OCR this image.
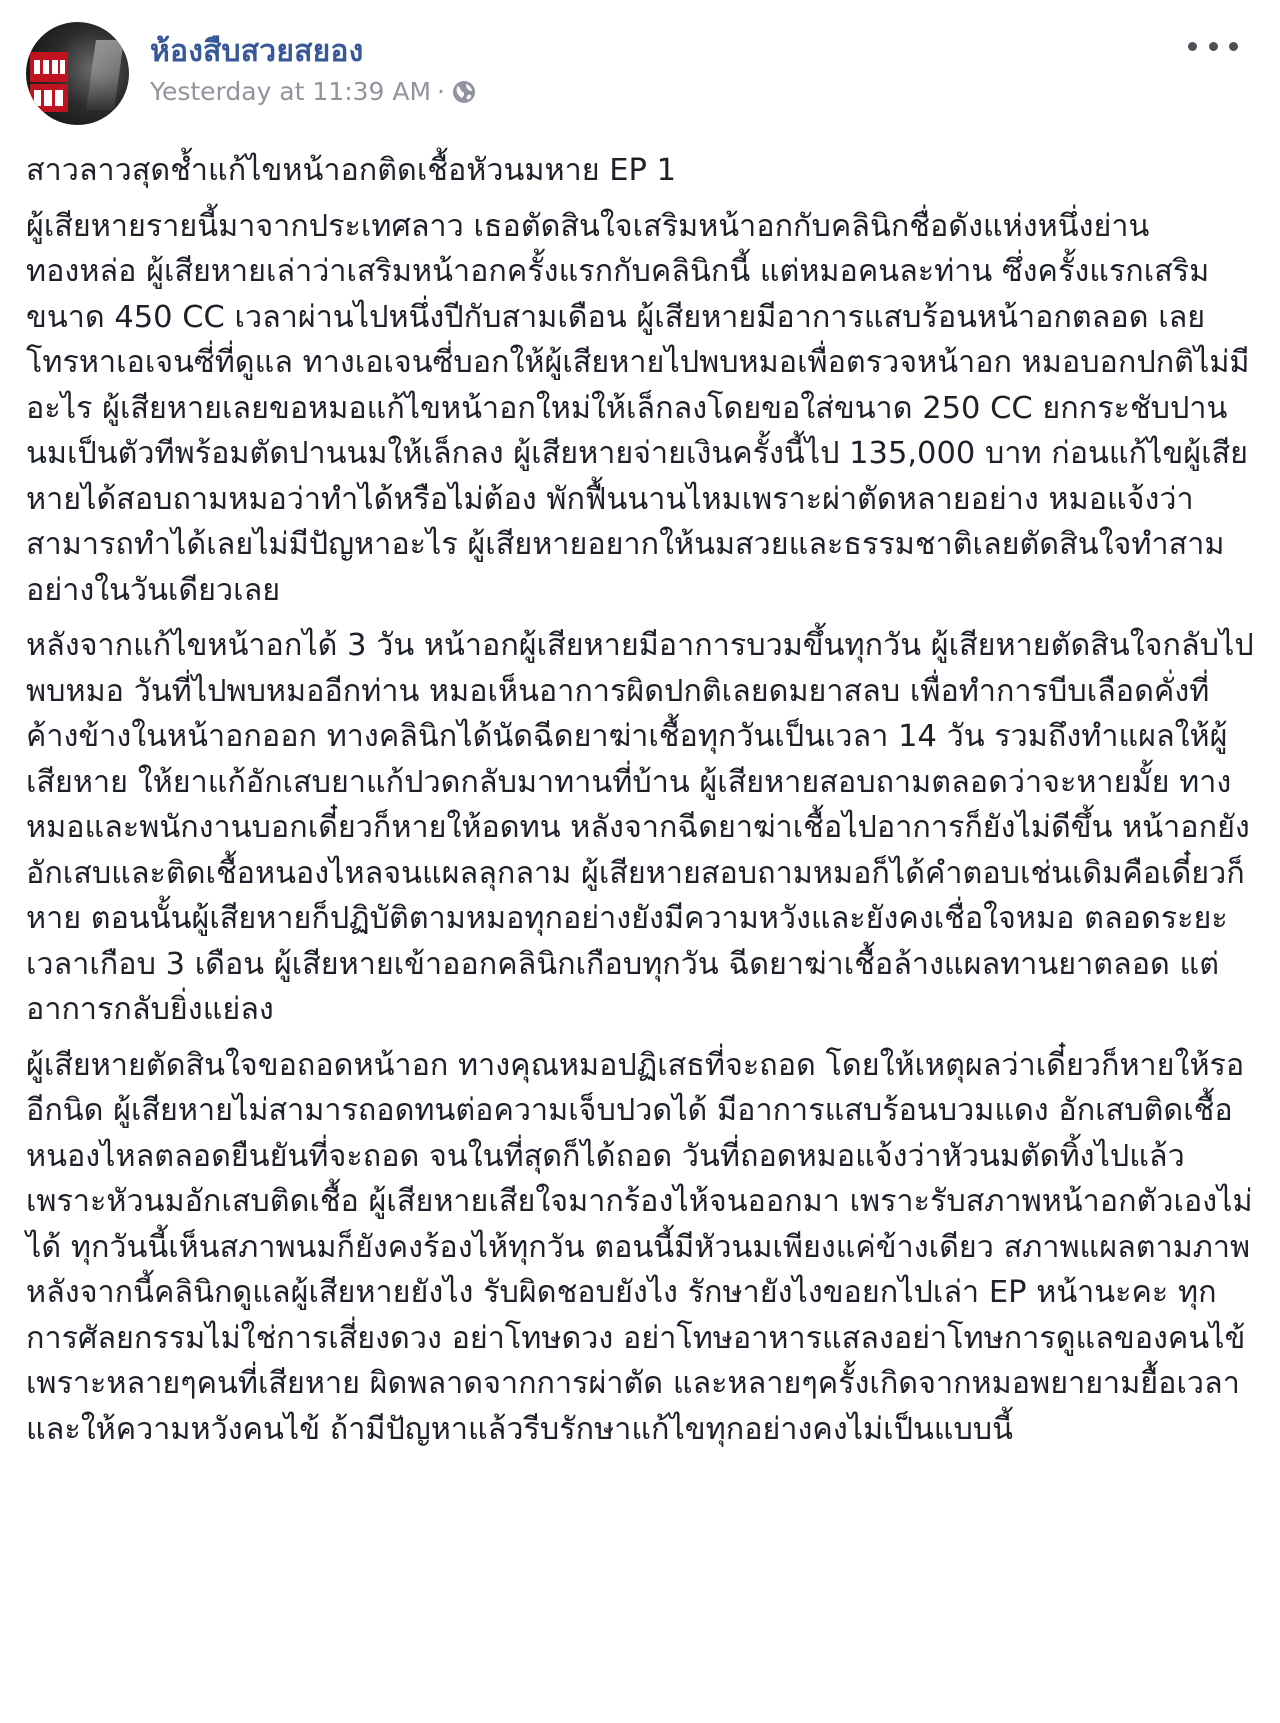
ห้องสืบสวยสยอง
Yesterday at 11:39 AM ·

สาวลาวสุดช้ำแก้ไขหน้าอกติดเชื้อหัวนมหาย EP 1

ผู้เสียหายรายนี้มาจากประเทศลาว เธอตัดสินใจเสริมหน้าอกกับคลินิกชื่อดังแห่งหนึ่งย่านทองหล่อ ผู้เสียหายเล่าว่าเสริมหน้าอกครั้งแรกกับคลินิกนี้ แต่หมอคนละท่าน ซึ่งครั้งแรกเสริมขนาด 450 CC เวลาผ่านไปหนึ่งปีกับสามเดือน ผู้เสียหายมีอาการแสบร้อนหน้าอกตลอด เลยโทรหาเอเจนซี่ที่ดูแล ทางเอเจนซี่บอกให้ผู้เสียหายไปพบหมอเพื่อตรวจหน้าอก หมอบอกปกติไม่มีอะไร ผู้เสียหายเลยขอหมอแก้ไขหน้าอกใหม่ให้เล็กลงโดยขอใส่ขนาด 250 CC ยกกระชับปานนมเป็นตัวทีพร้อมตัดปานนมให้เล็กลง ผู้เสียหายจ่ายเงินครั้งนี้ไป 135,000 บาท ก่อนแก้ไขผู้เสียหายได้สอบถามหมอว่าทำได้หรือไม่ต้อง พักฟื้นนานไหมเพราะผ่าตัดหลายอย่าง หมอแจ้งว่าสามารถทำได้เลยไม่มีปัญหาอะไร ผู้เสียหายอยากให้นมสวยและธรรมชาติเลยตัดสินใจทำสามอย่างในวันเดียวเลย

หลังจากแก้ไขหน้าอกได้ 3 วัน หน้าอกผู้เสียหายมีอาการบวมขึ้นทุกวัน ผู้เสียหายตัดสินใจกลับไปพบหมอ วันที่ไปพบหมออีกท่าน หมอเห็นอาการผิดปกติเลยดมยาสลบ เพื่อทำการบีบเลือดคั่งที่ค้างข้างในหน้าอกออก ทางคลินิกได้นัดฉีดยาฆ่าเชื้อทุกวันเป็นเวลา 14 วัน รวมถึงทำแผลให้ผู้เสียหาย ให้ยาแก้อักเสบยาแก้ปวดกลับมาทานที่บ้าน ผู้เสียหายสอบถามตลอดว่าจะหายมั้ย ทางหมอและพนักงานบอกเดี๋ยวก็หายให้อดทน หลังจากฉีดยาฆ่าเชื้อไปอาการก็ยังไม่ดีขึ้น หน้าอกยังอักเสบและติดเชื้อหนองไหลจนแผลลุกลาม ผู้เสียหายสอบถามหมอก็ได้คำตอบเช่นเดิมคือเดี๋ยวก็หาย ตอนนั้นผู้เสียหายก็ปฏิบัติตามหมอทุกอย่างยังมีความหวังและยังคงเชื่อใจหมอ ตลอดระยะเวลาเกือบ 3 เดือน ผู้เสียหายเข้าออกคลินิกเกือบทุกวัน ฉีดยาฆ่าเชื้อล้างแผลทานยาตลอด แต่อาการกลับยิ่งแย่ลง

ผู้เสียหายตัดสินใจขอถอดหน้าอก ทางคุณหมอปฏิเสธที่จะถอด โดยให้เหตุผลว่าเดี๋ยวก็หายให้รออีกนิด ผู้เสียหายไม่สามารถอดทนต่อความเจ็บปวดได้ มีอาการแสบร้อนบวมแดง อักเสบติดเชื้อหนองไหลตลอดยืนยันที่จะถอด จนในที่สุดก็ได้ถอด วันที่ถอดหมอแจ้งว่าหัวนมตัดทิ้งไปแล้วเพราะหัวนมอักเสบติดเชื้อ ผู้เสียหายเสียใจมากร้องไห้จนออกมา เพราะรับสภาพหน้าอกตัวเองไม่ได้ ทุกวันนี้เห็นสภาพนมก็ยังคงร้องไห้ทุกวัน ตอนนี้มีหัวนมเพียงแค่ข้างเดียว สภาพแผลตามภาพ หลังจากนี้คลินิกดูแลผู้เสียหายยังไง รับผิดชอบยังไง รักษายังไงขอยกไปเล่า EP หน้านะคะ ทุกการศัลยกรรมไม่ใช่การเสี่ยงดวง อย่าโทษดวง อย่าโทษอาหารแสลงอย่าโทษการดูแลของคนไข้ เพราะหลายๆคนที่เสียหาย ผิดพลาดจากการผ่าตัด และหลายๆครั้งเกิดจากหมอพยายามยื้อเวลาและให้ความหวังคนไข้ ถ้ามีปัญหาแล้วรีบรักษาแก้ไขทุกอย่างคงไม่เป็นแบบนี้
